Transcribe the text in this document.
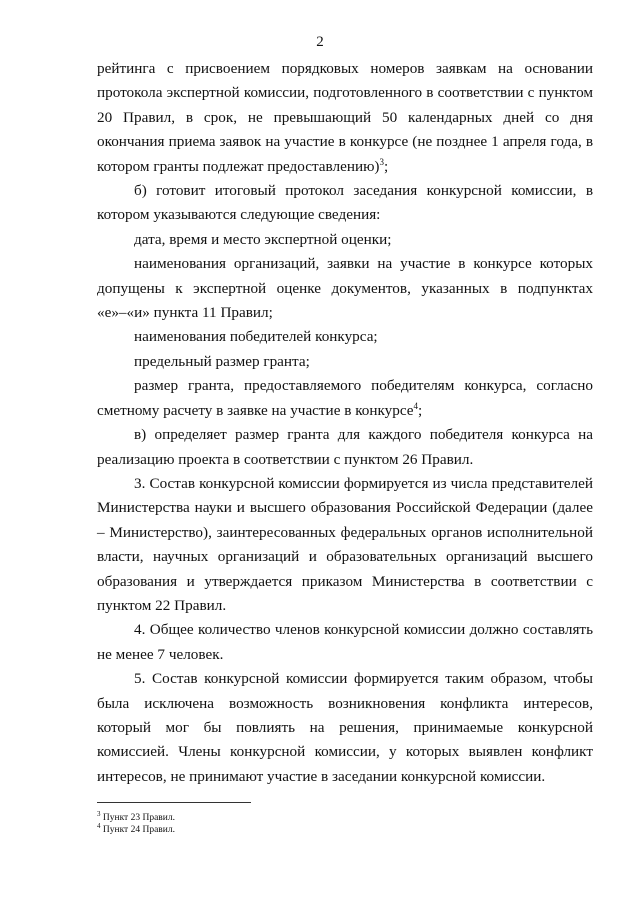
2

рейтинга с присвоением порядковых номеров заявкам на основании протокола экспертной комиссии, подготовленного в соответствии с пунктом 20 Правил, в срок, не превышающий 50 календарных дней со дня окончания приема заявок на участие в конкурсе (не позднее 1 апреля года, в котором гранты подлежат предоставлению)$^3$;

б) готовит итоговый протокол заседания конкурсной комиссии, в котором указываются следующие сведения:

дата, время и место экспертной оценки;

наименования организаций, заявки на участие в конкурсе которых допущены к экспертной оценке документов, указанных в подпунктах «е»–«и» пункта 11 Правил;

наименования победителей конкурса;

предельный размер гранта;

размер гранта, предоставляемого победителям конкурса, согласно сметному расчету в заявке на участие в конкурсе$^4$;

в) определяет размер гранта для каждого победителя конкурса на реализацию проекта в соответствии с пунктом 26 Правил.

3. Состав конкурсной комиссии формируется из числа представителей Министерства науки и высшего образования Российской Федерации (далее – Министерство), заинтересованных федеральных органов исполнительной власти, научных организаций и образовательных организаций высшего образования и утверждается приказом Министерства в соответствии с пунктом 22 Правил.

4. Общее количество членов конкурсной комиссии должно составлять не менее 7 человек.

5. Состав конкурсной комиссии формируется таким образом, чтобы была исключена возможность возникновения конфликта интересов, который мог бы повлиять на решения, принимаемые конкурсной комиссией. Члены конкурсной комиссии, у которых выявлен конфликт интересов, не принимают участие в заседании конкурсной комиссии.

$^3$ Пункт 23 Правил.
$^4$ Пункт 24 Правил.
